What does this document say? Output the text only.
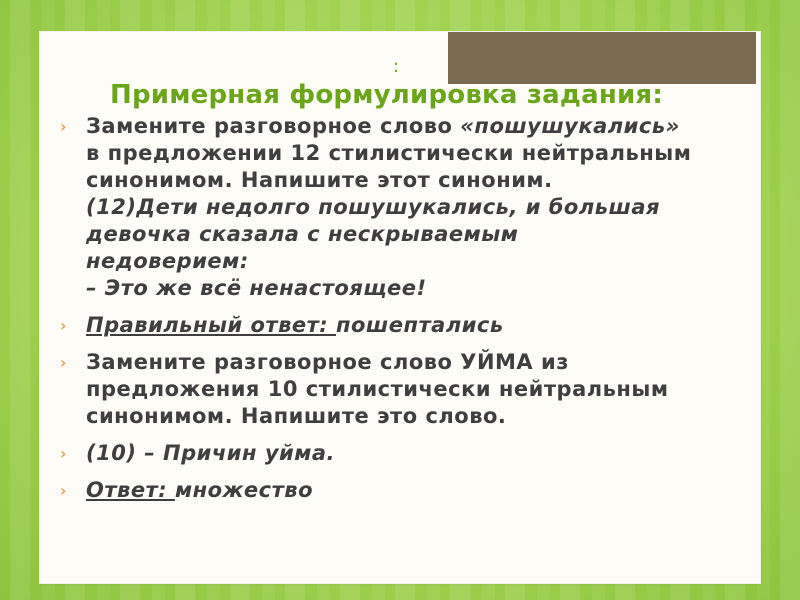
:
Примерная формулировка задания:
› Замените разговорное слово «пошушукались»
в предложении 12 стилистически нейтральным
синонимом. Напишите этот синоним.
(12)Дети недолго пошушукались, и большая
девочка сказала с нескрываемым
недоверием:
– Это же всё ненастоящее!
› Правильный ответ: пошептались
› Замените разговорное слово УЙМА из
предложения 10 стилистически нейтральным
синонимом. Напишите это слово.
› (10) – Причин уйма.
› Ответ: множество
